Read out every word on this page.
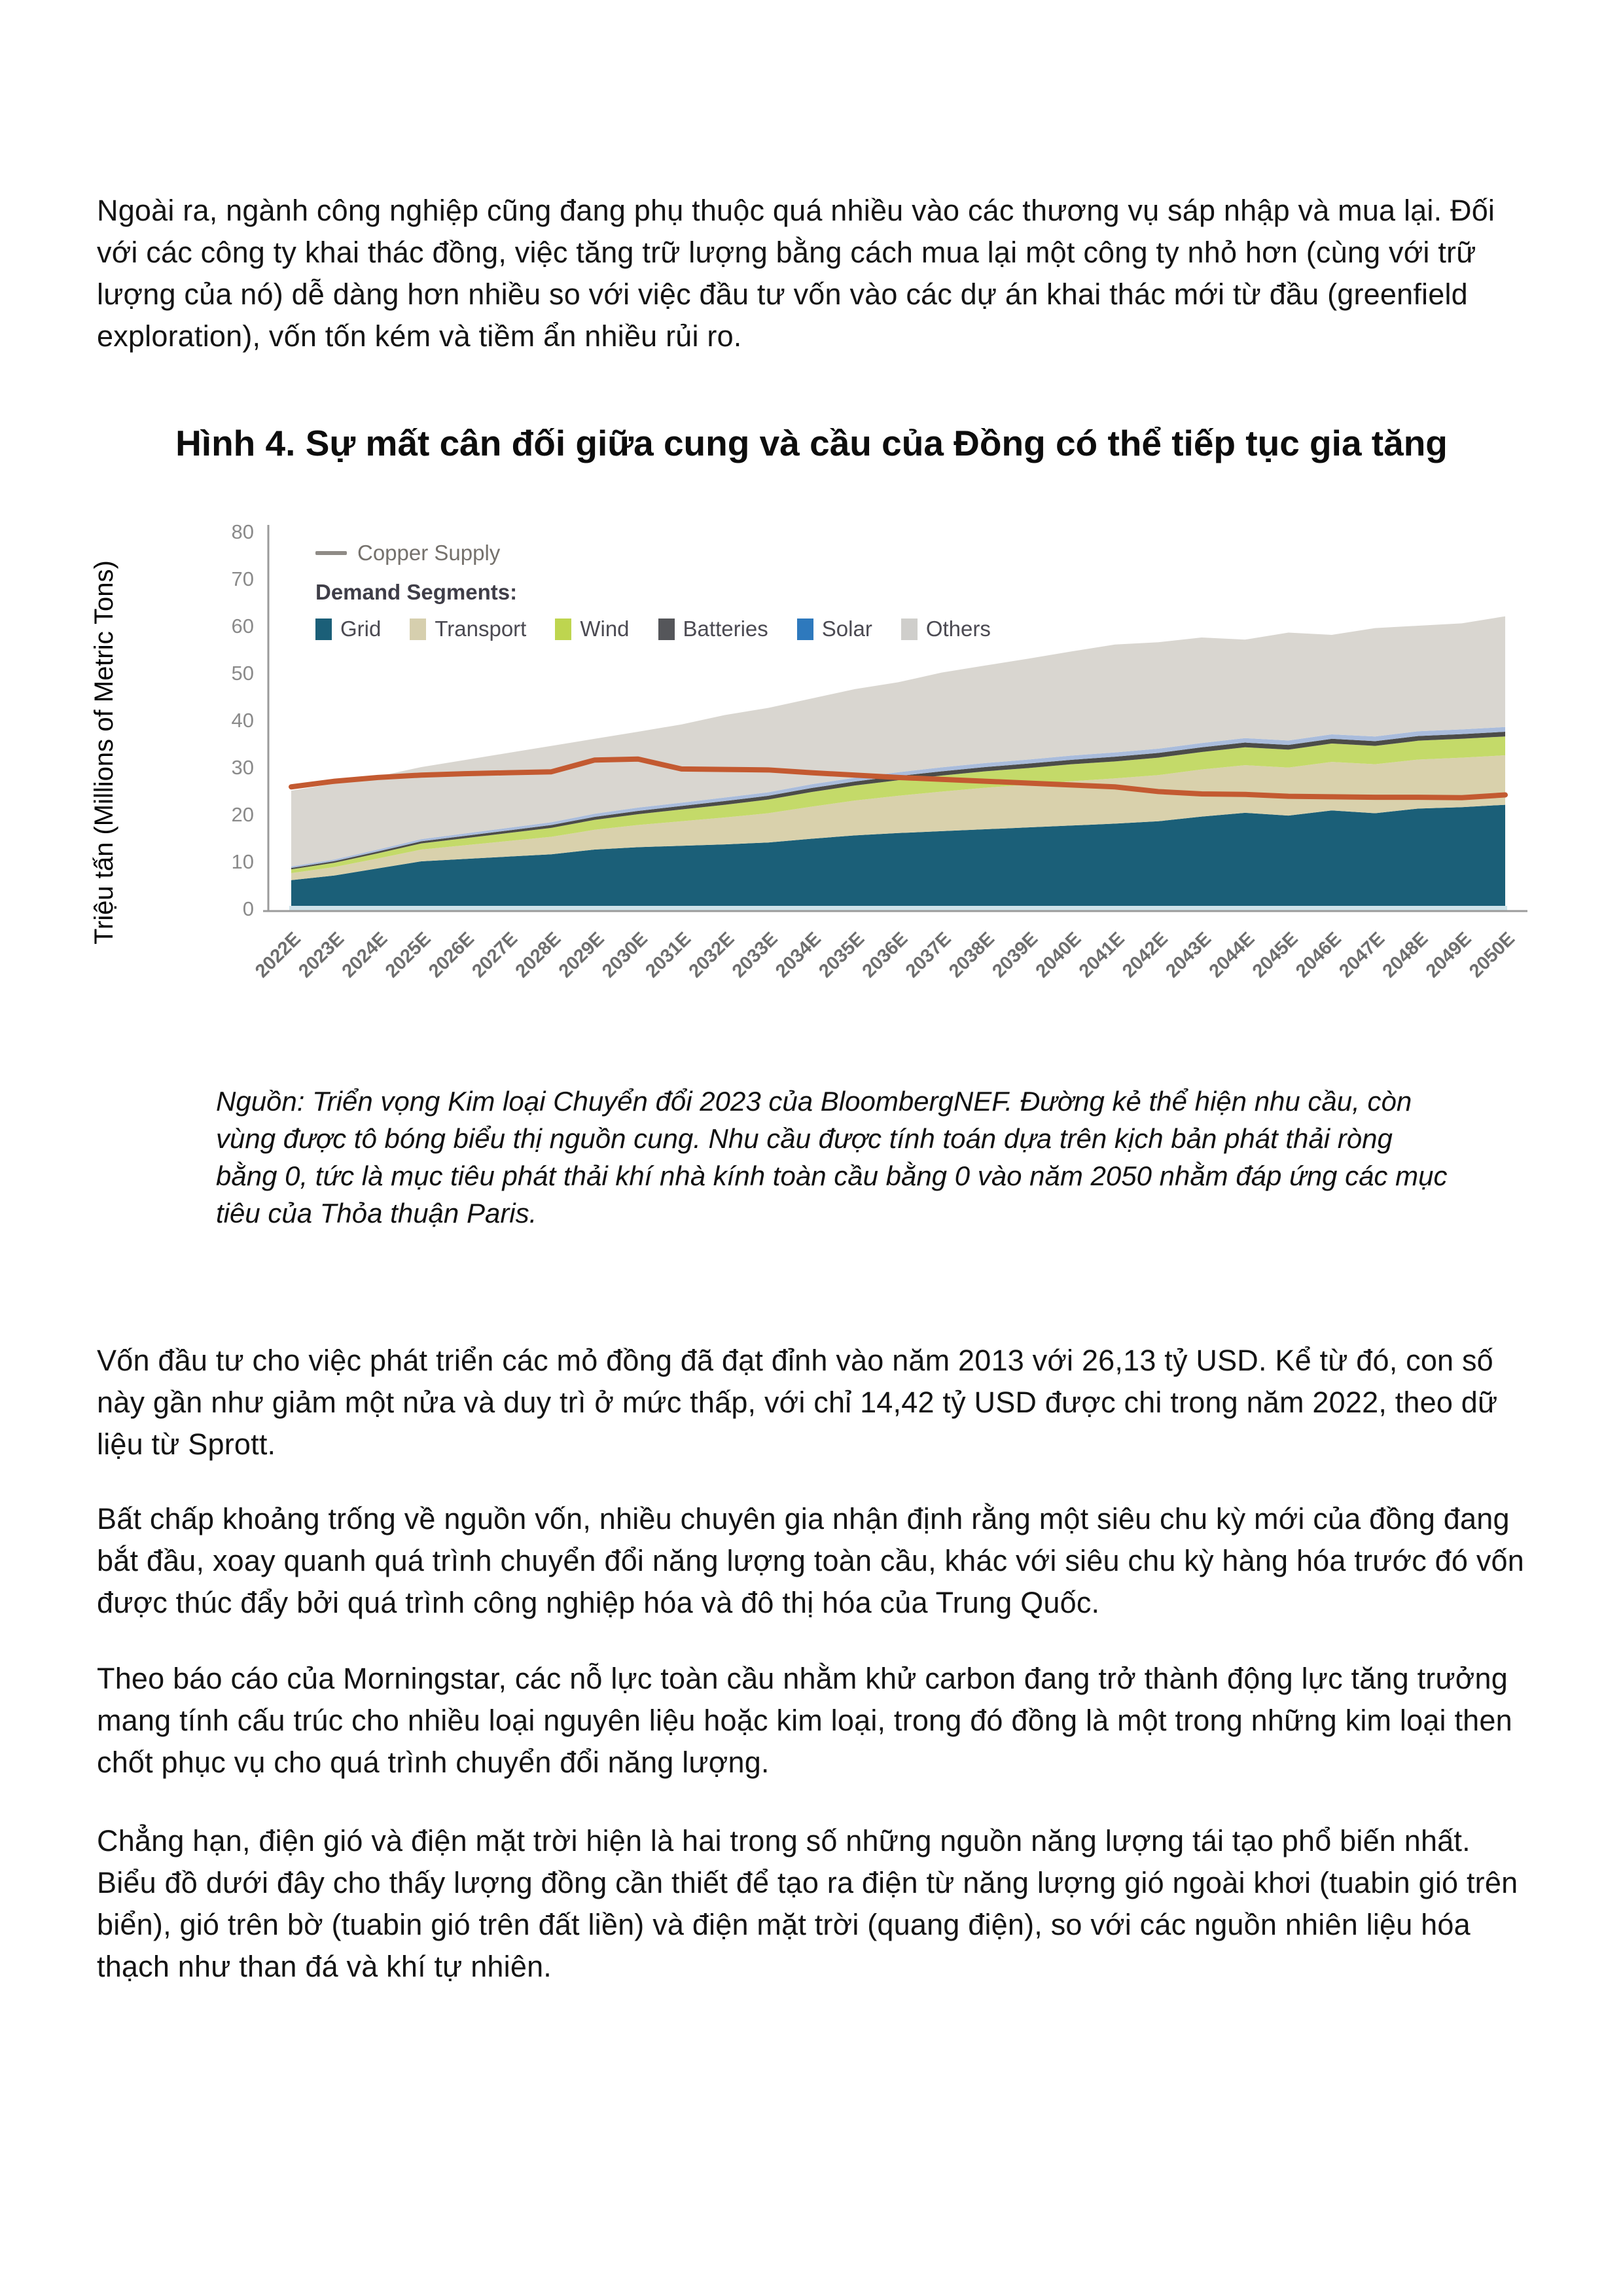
Ngoài ra, ngành công nghiệp cũng đang phụ thuộc quá nhiều vào các thương vụ sáp nhập và mua lại. Đối với các công ty khai thác đồng, việc tăng trữ lượng bằng cách mua lại một công ty nhỏ hơn (cùng với trữ lượng của nó) dễ dàng hơn nhiều so với việc đầu tư vốn vào các dự án khai thác mới từ đầu (greenfield exploration), vốn tốn kém và tiềm ẩn nhiều rủi ro.

Hình 4. Sự mất cân đối giữa cung và cầu của Đồng có thể tiếp tục gia tăng
Triệu tấn (Millions of Metric Tons)	0
10
20
30
40
50
60
70
80
2022E
2023E
2024E
2025E
2026E
2027E
2028E
2029E
2030E
2031E
2032E
2033E
2034E
2035E
2036E
2037E
2038E
2039E
2040E
2041E
2042E
2043E
2044E
2045E
2046E
2047E
2048E
2049E
2050E
Copper Supply
Demand Segments:
Grid Transport Wind Batteries Solar Others

Nguồn: Triển vọng Kim loại Chuyển đổi 2023 của BloombergNEF. Đường kẻ thể hiện nhu cầu, còn vùng được tô bóng biểu thị nguồn cung. Nhu cầu được tính toán dựa trên kịch bản phát thải ròng bằng 0, tức là mục tiêu phát thải khí nhà kính toàn cầu bằng 0 vào năm 2050 nhằm đáp ứng các mục tiêu của Thỏa thuận Paris.

Vốn đầu tư cho việc phát triển các mỏ đồng đã đạt đỉnh vào năm 2013 với 26,13 tỷ USD. Kể từ đó, con số này gần như giảm một nửa và duy trì ở mức thấp, với chỉ 14,42 tỷ USD được chi trong năm 2022, theo dữ liệu từ Sprott.

Bất chấp khoảng trống về nguồn vốn, nhiều chuyên gia nhận định rằng một siêu chu kỳ mới của đồng đang bắt đầu, xoay quanh quá trình chuyển đổi năng lượng toàn cầu, khác với siêu chu kỳ hàng hóa trước đó vốn được thúc đẩy bởi quá trình công nghiệp hóa và đô thị hóa của Trung Quốc.

Theo báo cáo của Morningstar, các nỗ lực toàn cầu nhằm khử carbon đang trở thành động lực tăng trưởng mang tính cấu trúc cho nhiều loại nguyên liệu hoặc kim loại, trong đó đồng là một trong những kim loại then chốt phục vụ cho quá trình chuyển đổi năng lượng.

Chẳng hạn, điện gió và điện mặt trời hiện là hai trong số những nguồn năng lượng tái tạo phổ biến nhất. Biểu đồ dưới đây cho thấy lượng đồng cần thiết để tạo ra điện từ năng lượng gió ngoài khơi (tuabin gió trên biển), gió trên bờ (tuabin gió trên đất liền) và điện mặt trời (quang điện), so với các nguồn nhiên liệu hóa thạch như than đá và khí tự nhiên.
